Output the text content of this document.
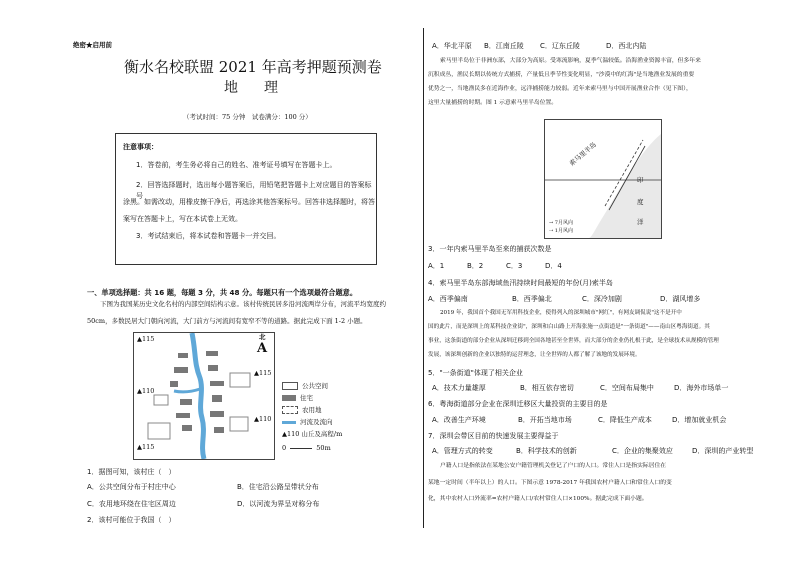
绝密★启用前
衡水名校联盟 2021 年高考押题预测卷
地　理
（考试时间：75 分钟　试卷满分：100 分）
注意事项：
1．答卷前，考生务必将自己的姓名、准考证号填写在答题卡上。
2．回答选择题时，选出每小题答案后，用铅笔把答题卡上对应题目的答案标号
涂黑。如需改动，用橡皮擦干净后，再选涂其他答案标号。回答非选择题时，将答
案写在答题卡上，写在本试卷上无效。
3．考试结束后，将本试卷和答题卡一并交回。
一、单项选择题：共 16 题，每题 3 分，共 48 分。每题只有一个选项最符合题意。
下图为我国某历史文化名村的内部空间结构示意。该村传统民居多沿河流两岸分布，河流平均宽度约
50cm，多数民居大门朝向河流，大门前方与河流间有宽窄不等的道路。据此完成下面 1-2 小题。
▲115
▲115
▲110
▲110
▲115
北
A
公共空间
住宅
农用地
河流及流向
▲110 山丘及高程/m
0	50m
1．据图可知，该村庄（　）
A．公共空间分布于村庄中心	B．住宅沿公路呈带状分布
C．农用地环绕在住宅区周边	D．以河流为界呈对称分布
2．该村可能位于我国（　）
A．华北平原 B．江南丘陵 C．辽东丘陵	D．西北内陆
索马里半岛位于非洲东部，大部分为高原。受寒流影响，夏季气温较低。沿海渔业资源丰富，但多年来
沉积成丛，渔民长期以传统方式捕捞，产量低且季节性变化明显，"沙漠中的红海"是当地渔业发展的重要
优势之一，当地渔民多在近海作业，远洋捕捞能力较弱。近年来索马里与中国开展渔业合作（见下图），
这里大量捕捞的时期。图 1 示意索马里半岛位置。
索马里半岛
印
度
洋
→ 7月风向
⇢ 1月风向
3．一年内索马里半岛至来的捕获次数是
A．1	B．2	C．3	D．4
4．索马里半岛东部海域鱼汛持续时间最短的年份(月)索半岛
A．西季偏南	B．西季偏北	C．深冷加剧	D．湖风增多
2019 年，我国首个我国无军用科技企业，使得列入的深圳城市"网红"，有网友调侃说"这不是开中
国的此片，而是深圳上的某科技企业街"，深圳和白山路上开海张施一点街道是"一条街道"——南山区粤海街道。其
事业，这条街道的部分企业从深圳迁移到全国各地甚至全世界，而大部分的企业仍扎根于此，是全球技术从规模的管理
发展，该深圳创新的企业以独特的运营理念，让全世界的人都了解了该地的发展环境。
5．"一条街道"体现了相关企业
A．技术力量雄厚	B．相互依存密切	C．空间布局集中	D．海外市场单一
6．粤海街道部分企业在深圳迁移区大量投资的主要目的是
A．改善生产环境	B．开拓当地市场	C．降低生产成本	D．增加就业机会
7．深圳会带区目前的快速发展主要得益于
A．管理方式的转变	B．科学技术的创新	C．企业的集聚效应	D．深圳的产业转型
户籍人口是指依法在某地公安户籍管理机关登记了户口的人口。常住人口是指实际居住在
某地一定时间（半年以上）的人口。下图示意 1978-2017 年我国农村户籍人口和常住人口的变
化，其中农村人口外流率=农村户籍人口/农村常住人口×100%。据此完成下面小题。
